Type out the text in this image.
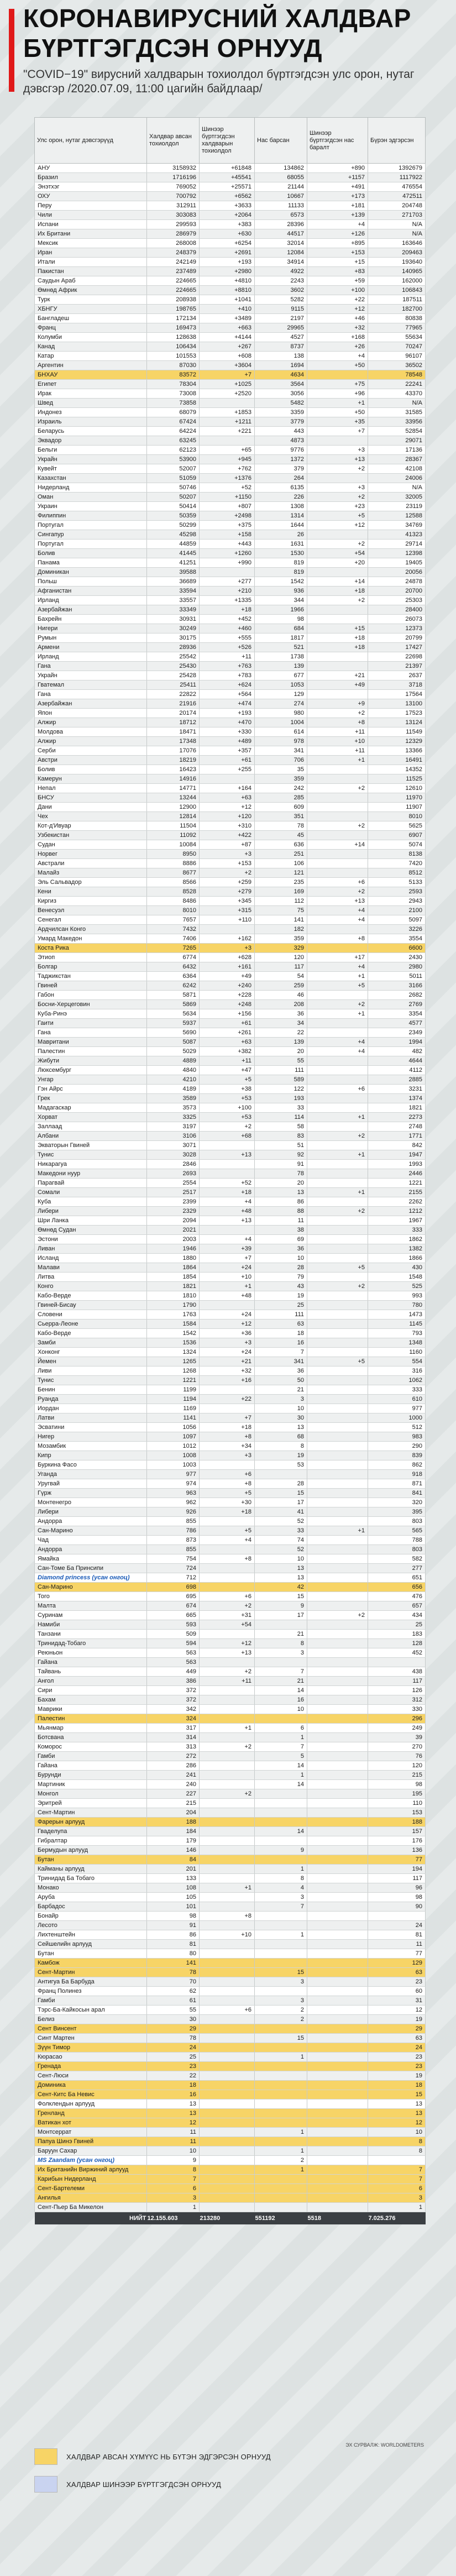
КОРОНАВИРУСНИЙ ХАЛДВАР
БҮРТГЭГДСЭН ОРНУУД
"COVID−19" вирусний халдварын тохиолдол бүртгэгдсэн улс орон, нутаг дэвсгэр /2020.07.09, 11:00 цагийн байдлаар/
Улс орон, нутаг дэвсгэрүүд	Халдвар авсан тохиолдол	Шинээр бүртгэгдсэн халдварын тохиолдол	Нас барсан	Шинээр бүртгэгдсэн нас баралт	Бүрэн эдгэрсэн
АНУ	3158932	+61848	134862	+890	1392679
Бразил	1716196	+45541	68055	+1157	1117922
Энэтхэг	769052	+25571	21144	+491	476554
ОХУ	700792	+6562	10667	+173	472511
Перу	312911	+3633	11133	+181	204748
Чили	303083	+2064	6573	+139	271703
Испани	299593	+383	28396	+4	N/A
Их Британи	286979	+630	44517	+126	N/A
Мексик	268008	+6254	32014	+895	163646
Иран	248379	+2691	12084	+153	209463
Итали	242149	+193	34914	+15	193640
Пакистан	237489	+2980	4922	+83	140965
Саудын Араб	224665	+4810	2243	+59	162000
Өмнөд Африк	224665	+8810	3602	+100	106843
Турк	208938	+1041	5282	+22	187511
ХБНГУ	198765	+410	9115	+12	182700
Бангладеш	172134	+3489	2197	+46	80838
Франц	169473	+663	29965	+32	77965
Колумби	128638	+4144	4527	+168	55634
Канад	106434	+267	8737	+26	70247
Катар	101553	+608	138	+4	96107
Аргентин	87030	+3604	1694	+50	36502
БНХАУ	83572	+7	4634		78548
Египет	78304	+1025	3564	+75	22241
Ирак	73008	+2520	3056	+96	43370
Швед	73858		5482	+1	N/A
Индонез	68079	+1853	3359	+50	31585
Израиль	67424	+1211	3779	+35	33956
Беларусь	64224	+221	443	+7	52854
Эквадор	63245		4873		29071
Бельги	62123	+65	9776	+3	17136
Украйн	53900	+945	1372	+13	28367
Кувейт	52007	+762	379	+2	42108
Казахстан	51059	+1376	264		24006
Нидерланд	50746	+52	6135	+3	N/A
Оман	50207	+1150	226	+2	32005
Украин	50414	+807	1308	+23	23119
Филиппин	50359	+2498	1314	+5	12588
Португал	50299	+375	1644	+12	34769
Сингапур	45298	+158	26		41323
Португал	44859	+443	1631	+2	29714
Болив	41445	+1260	1530	+54	12398
Панама	41251	+990	819	+20	19405
Доминикан	39588		819		20056
Польш	36689	+277	1542	+14	24878
Афганистан	33594	+210	936	+18	20700
Ирланд	33557	+1335	344	+2	25303
Азербайжан	33349	+18	1966		28400
Бахрейн	30931	+452	98		26073
Нигери	30249	+460	684	+15	12373
Румын	30175	+555	1817	+18	20799
Армени	28936	+526	521	+18	17427
Ирланд	25542	+11	1738		22698
Гана	25430	+763	139		21397
Украйн	25428	+783	677	+21	2637
Гватемал	25411	+624	1053	+49	3718
Гана	22822	+564	129		17564
Азербайжан	21916	+474	274	+9	13100
Япон	20174	+193	980	+2	17523
Алжир	18712	+470	1004	+8	13124
Молдова	18471	+330	614	+11	11549
Алжир	17348	+489	978	+10	12329
Серби	17076	+357	341	+11	13366
Австри	18219	+61	706	+1	16491
Болив	16423	+255	35		14352
Камерун	14916		359		11525
Непал	14771	+164	242	+2	12610
БНСУ	13244	+63	285		11970
Дани	12900	+12	609		11907
Чех	12814	+120	351		8010
Кот-д'Ивуар	11504	+310	78	+2	5625
Узбекистан	11092	+422	45		6907
Судан	10084	+87	636	+14	5074
Норвег	8950	+3	251		8138
Австрали	8886	+153	106		7420
Малайз	8677	+2	121		8512
Эль Сальвадор	8566	+259	235	+6	5133
Кени	8528	+279	169	+2	2593
Киргиз	8486	+345	112	+13	2943
Венесуэл	8010	+315	75	+4	2100
Сенегал	7657	+110	141	+4	5097
Ардчилсан Конго	7432		182		3226
Умард Македон	7406	+162	359	+8	3554
Коста Рика	7265	+3	329		6600
Этиоп	6774	+628	120	+17	2430
Болгар	6432	+161	117	+4	2980
Таджикстан	6364	+49	54	+1	5011
Гвиней	6242	+240	259	+5	3166
Габон	5871	+228	46		2682
Босни-Херцеговин	5869	+248	208	+2	2769
Куба-Ринэ	5634	+156	36	+1	3354
Гаити	5937	+61	34		4577
Гана	5690	+261	22		2349
Мавритани	5087	+63	139	+4	1994
Палестин	5029	+382	20	+4	482
Жибути	4889	+11	55		4644
Люксембург	4840	+47	111		4112
Унгар	4210	+5	589		2885
Гэн Айрс	4189	+38	122	+6	3231
Грек	3589	+53	193		1374
Мадагаскар	3573	+100	33		1821
Хорват	3325	+53	114	+1	2273
Заллаад	3197	+2	58		2748
Албани	3106	+68	83	+2	1771
Экваторын Гвиней	3071		51		842
Тунис	3028	+13	92	+1	1947
Никарагуа	2846		91		1993
Македони нуур	2693		78		2446
Парагвай	2554	+52	20		1221
Сомали	2517	+18	13	+1	2155
Куба	2399	+4	86		2262
Либери	2329	+48	88	+2	1212
Шри Ланка	2094	+13	11		1967
Өмнөд Судан	2021		38		333
Эстони	2003	+4	69		1862
Ливан	1946	+39	36		1382
Исланд	1880	+7	10		1866
Малави	1864	+24	28	+5	430
Литва	1854	+10	79		1548
Конго	1821	+1	43	+2	525
Кабо-Верде	1810	+48	19		993
Гвиней-Бисау	1790		25		780
Словени	1763	+24	111		1473
Сьерра-Леоне	1584	+12	63		1145
Кабо-Верде	1542	+36	18		793
Замби	1536	+3	16		1348
Хонконг	1324	+24	7		1160
Йемен	1265	+21	341	+5	554
Ливи	1268	+32	36		316
Тунис	1221	+16	50		1062
Бенин	1199		21		333
Руанда	1194	+22	3		610
Иордан	1169		10		977
Латви	1141	+7	30		1000
Эсватини	1056	+18	13		512
Нигер	1097	+8	68		983
Мозамбик	1012	+34	8		290
Кипр	1008	+3	19		839
Буркина Фасо	1003		53		862
Уганда	977	+6			918
Уругвай	974	+8	28		871
Гүрж	963	+5	15		841
Монтенегро	962	+30	17		320
Либери	926	+18	41		395
Андорра	855		52		803
Сан-Марино	786	+5	33	+1	565
Чад	873	+4	74		788
Андорра	855		52		803
Ямайка	754	+8	10		582
Сан-Томе Ба Принсипи	724		13		277
Diamond princess (усан онгоц)	712		13		651
Сан-Марино	698		42		656
Того	695	+6	15		476
Малта	674	+2	9		657
Суринам	665	+31	17	+2	434
Намиби	593	+54			25
Танзани	509		21		183
Тринидад-Тобаго	594	+12	8		128
Реюньон	563	+13	3		452
Гайана	563				
Тайвань	449	+2	7		438
Ангол	386	+11	21		117
Сири	372		14		126
Бахам	372		16		312
Маврики	342		10		330
Палестин	324				296
Мьянмар	317	+1	6		249
Ботсвана	314		1		39
Коморос	313	+2	7		270
Гамби	272		5		76
Гайана	286		14		120
Бурунди	241		1		215
Мартиник	240		14		98
Монгол	227	+2			195
Эритрей	215				110
Сент-Мартин	204				153
Фарерын арлууд	188				188
Гваделупа	184		14		157
Гибралтар	179				176
Бермудын арлууд	146		9		136
Бутан	84				77
Кайманы арлууд	201		1		194
Тринидад Ба Тобаго	133		8		117
Монако	108	+1	4		96
Аруба	105		3		98
Барбадос	101		7		90
Бонайр	98	+8			
Лесото	91				24
Лихтенштейн	86	+10	1		81
Сейшелийн арлууд	81				11
Бутан	80				77
Камбож	141				129
Сент-Мартин	78		15		63
Антигуа Ба Барбуда	70		3		23
Франц Полинез	62				60
Гамби	61		3		31
Тэрс-Ба-Кайкосын арал	55	+6	2		12
Белиз	30		2		19
Сент Винсент	29				29
Синт Мартен	78		15		63
Зүүн Тимор	24				24
Кюрасао	25		1		23
Гренада	23				23
Сент-Люси	22				19
Доминика	18				18
Сент-Китс Ба Невис	16				15
Фолклендын арлууд	13				13
Гренланд	13				13
Ватикан хот	12				12
Монтсеррат	11		1		10
Папуа Шинэ Гвиней	11				8
Баруун Сахар	10		1		8
MS Zaandam (усан онгоц)	9		2		
Их Британийн Виржиний арлууд	8		1		7
Карибын Нидерланд	7				7
Сент-Бартелеми	6				6
Ангилья	3				3
Сент-Пьер Ба Микелон	1				1
НИЙТ	12.155.603	213280	551192	5518	7.025.276
ЭХ СУРВАЛЖ: WORLDOMETERS
ХАЛДВАР АВСАН ХҮМҮҮС НЬ БҮТЭН ЭДГЭРСЭН ОРНУУД
ХАЛДВАР ШИНЭЭР БҮРТГЭГДСЭН ОРНУУД
